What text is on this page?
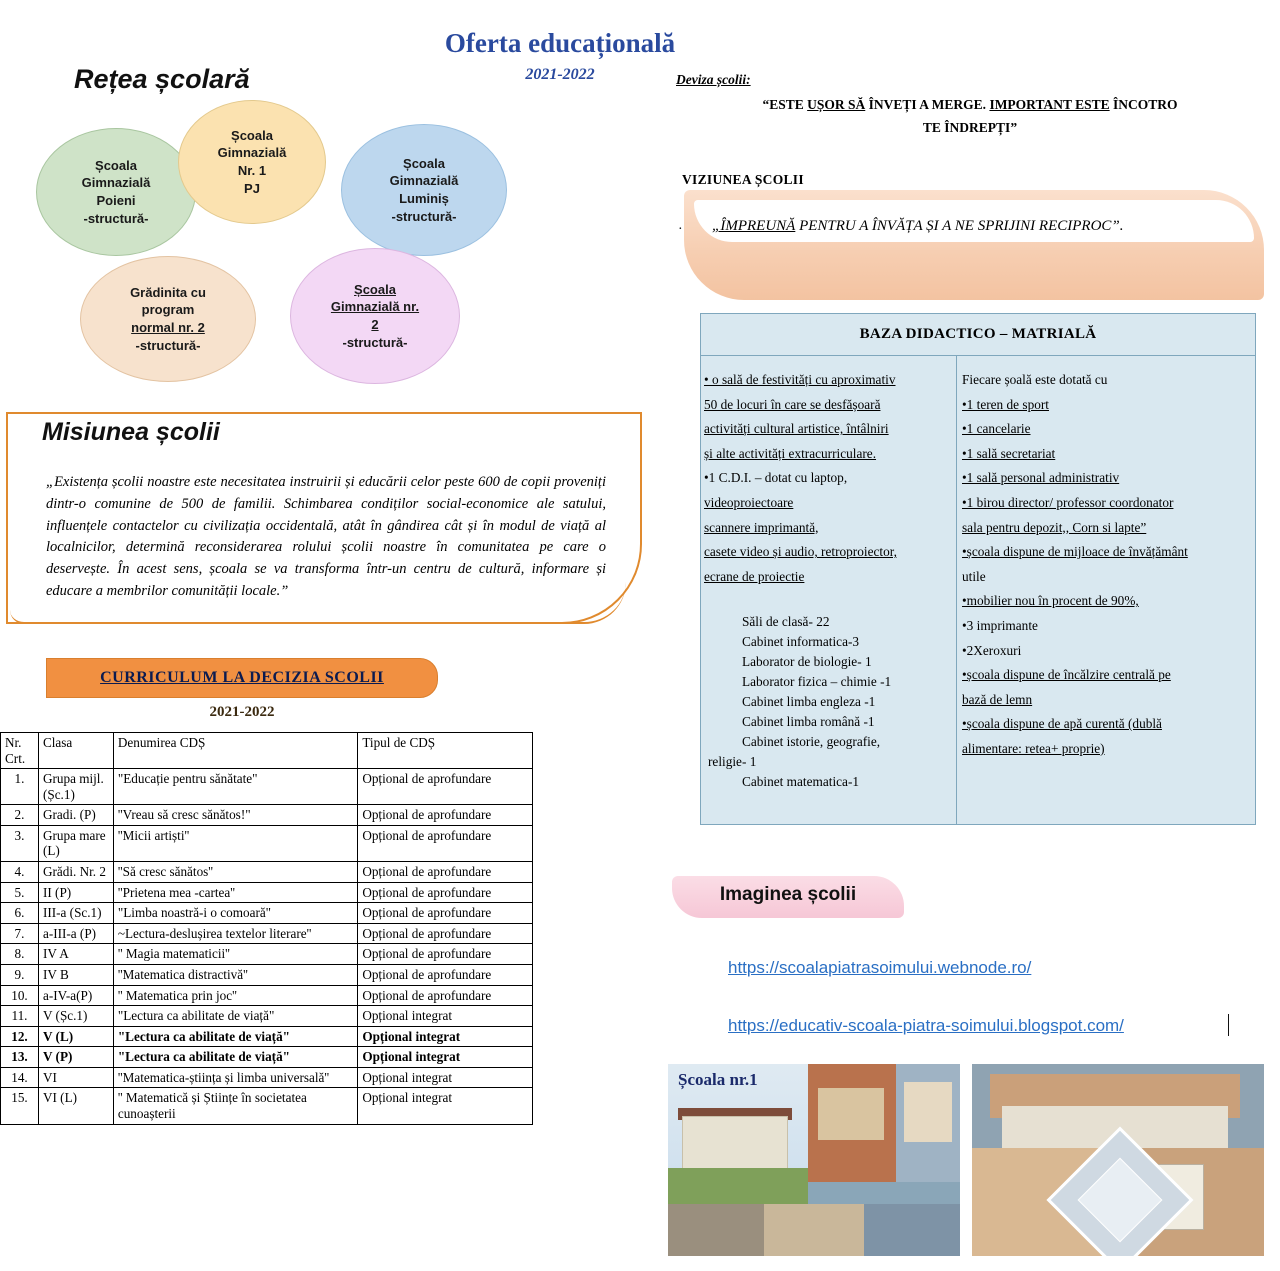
Oferta educațională
2021-2022
Rețea școlară
Școala
Gimnazială
Poieni
-structură-
Școala
Gimnazială
Nr. 1
PJ
Școala
Gimnazială
Luminiș
-structură-
Grădinita cu
program
normal nr. 2
-structură-
Școala
Gimnazială nr.
2
-structură-
Misiunea școlii
„Existența școlii noastre este necesitatea instruirii și educării celor peste 600 de copii proveniți dintr-o comunine de 500 de familii. Schimbarea condiților social-economice ale satului, influențele contactelor cu civilizația occidentală, atât în gândirea cât și în modul de viață al localnicilor, determină reconsiderarea rolului școlii noastre în comunitatea pe care o deservește. În acest sens, școala se va transforma într-un centru de cultură, informare și educare a membrilor comunității locale.”
CURRICULUM LA DECIZIA SCOLII
2021-2022
Nr. Crt.	Clasa	Denumirea CDȘ	Tipul de CDȘ
1.	Grupa mijl.(Șc.1)	"Educație pentru sănătate"	Opțional de aprofundare
2.	Gradi. (P)	''Vreau să cresc sănătos!"	Opțional de aprofundare
3.	Grupa mare (L)	''Micii artiști''	Opțional de aprofundare
4.	Grădi. Nr. 2	''Să cresc sănătos''	Opțional de aprofundare
5.	II (P)	''Prietena mea -cartea''	Opțional de aprofundare
6.	III-a (Sc.1)	"Limba noastră-i o comoară"	Opțional de aprofundare
7.	a-III-a (P)	~Lectura-deslușirea textelor literare''	Opțional de aprofundare
8.	IV A	'' Magia matematicii''	Opțional de aprofundare
9.	IV B	''Matematica distractivă''	Opțional de aprofundare
10.	a-IV-a(P)	'' Matematica prin joc''	Opțional de aprofundare
11.	V (Șc.1)	"Lectura ca abilitate de viață"	Opțional integrat
12.	V (L)	"Lectura ca abilitate de viață"	Opțional integrat
13.	V (P)	"Lectura ca abilitate de viață"	Opțional integrat
14.	VI	''Matematica-știința și limba universală''	Opțional integrat
15.	VI (L)	'' Matematică și Științe în societatea cunoașterii	Opțional integrat
Deviza școlii:
“ESTE UȘOR SĂ ÎNVEȚI A MERGE. IMPORTANT ESTE ÎNCOTRO
TE ÎNDREPȚI”
VIZIUNEA ȘCOLII
· „ÎMPREUNĂ PENTRU A ÎNVĂȚA ȘI A NE SPRIJINI RECIPROC”.
BAZA DIDACTICO – MATRIALĂ
• o sală de festivități cu aproximativ
50 de locuri în care se desfășoară
activități cultural artistice, întâlniri
și alte activități extracurriculare.
•1 C.D.I. – dotat cu laptop,
videoproiectoare
scannere imprimantă,
casete video și audio, retroproiector,
ecrane de proiectie
Săli de clasă- 22
Cabinet informatica-3
Laborator de biologie- 1
Laborator fizica – chimie -1
Cabinet limba engleza -1
Cabinet limba română -1
Cabinet istorie, geografie,
religie- 1
Cabinet matematica-1
Fiecare șoală este dotată cu
•1 teren de sport
•1 cancelarie
•1 sală secretariat
•1 sală personal administrativ
•1 birou director/ professor coordonator
sala pentru depozit,, Corn si lapte”
•școala dispune de mijloace de învățământ
utile
•mobilier nou în procent de 90%,
•3 imprimante
•2Xeroxuri
•școala dispune de încălzire centrală pe
bază de lemn
•școala dispune de apă curentă (dublă
alimentare: retea+ proprie)
Imaginea școlii
https://scoalapiatrasoimului.webnode.ro/
https://educativ-scoala-piatra-soimului.blogspot.com/
Școala nr.1
